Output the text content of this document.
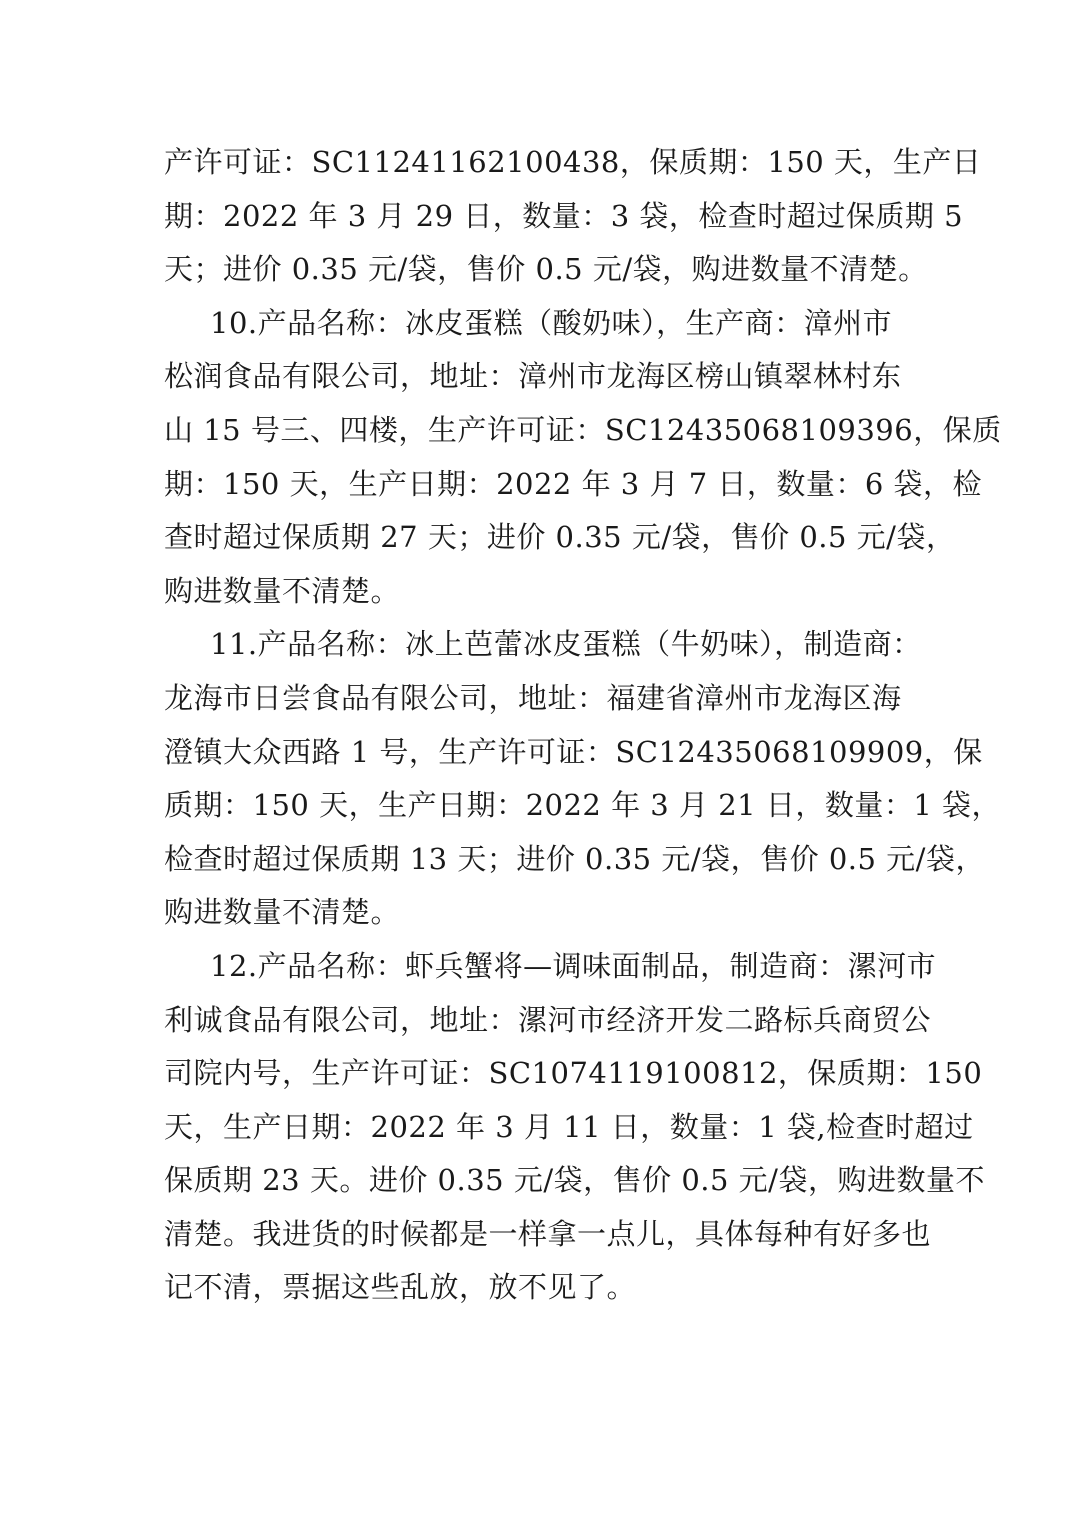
产许可证：SC11241162100438，保质期：150 天，生产日
期：2022 年 3 月 29 日，数量：3 袋，检查时超过保质期 5
天；进价 0.35 元/袋，售价 0.5 元/袋，购进数量不清楚。
10.产品名称：冰皮蛋糕（酸奶味），生产商：漳州市
松润食品有限公司，地址：漳州市龙海区榜山镇翠林村东
山 15 号三、四楼，生产许可证：SC12435068109396，保质
期：150 天，生产日期：2022 年 3 月 7 日，数量：6 袋，检
查时超过保质期 27 天；进价 0.35 元/袋，售价 0.5 元/袋，
购进数量不清楚。
11.产品名称：冰上芭蕾冰皮蛋糕（牛奶味），制造商：
龙海市日尝食品有限公司，地址：福建省漳州市龙海区海
澄镇大众西路 1 号，生产许可证：SC12435068109909，保
质期：150 天，生产日期：2022 年 3 月 21 日，数量：1 袋，
检查时超过保质期 13 天；进价 0.35 元/袋，售价 0.5 元/袋，
购进数量不清楚。
12.产品名称：虾兵蟹将—调味面制品，制造商：漯河市
利诚食品有限公司，地址：漯河市经济开发二路标兵商贸公
司院内号，生产许可证：SC1074119100812，保质期：150
天，生产日期：2022 年 3 月 11 日，数量：1 袋,检查时超过
保质期 23 天。进价 0.35 元/袋，售价 0.5 元/袋，购进数量不
清楚。我进货的时候都是一样拿一点儿，具体每种有好多也
记不清，票据这些乱放，放不见了。
